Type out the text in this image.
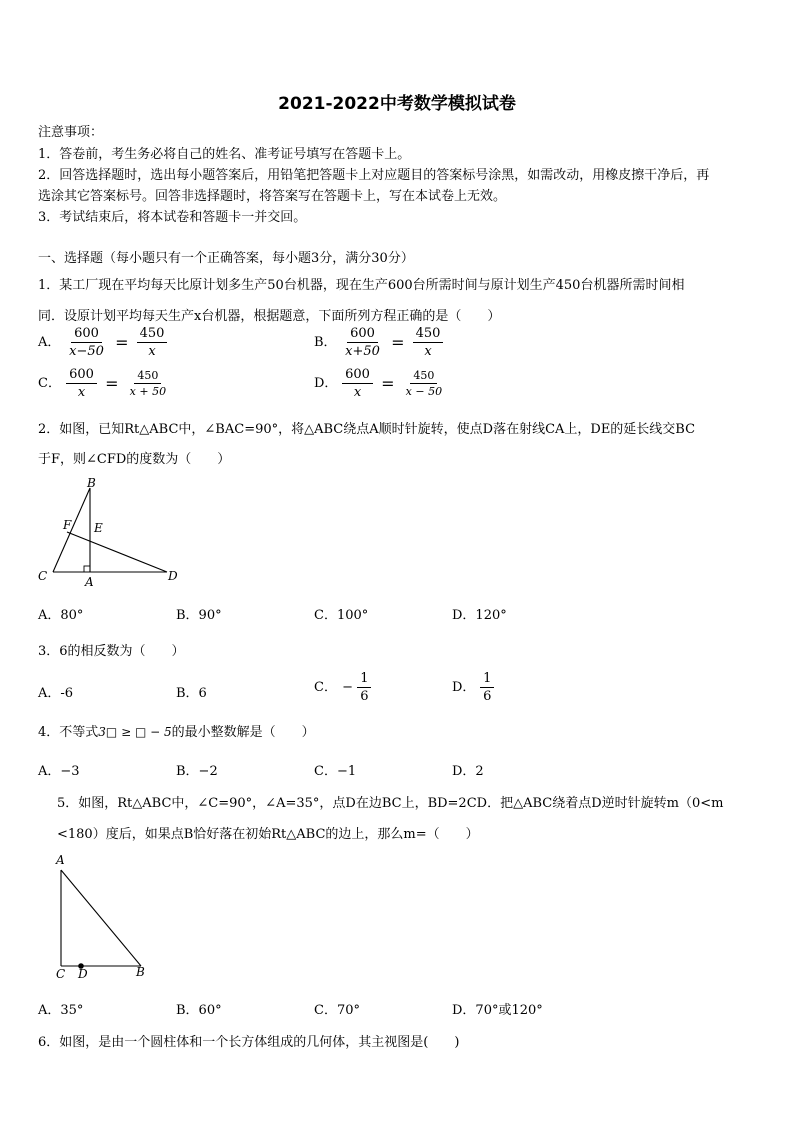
2021-2022中考数学模拟试卷
注意事项：
1．答卷前，考生务必将自己的姓名、准考证号填写在答题卡上。
2．回答选择题时，选出每小题答案后，用铅笔把答题卡上对应题目的答案标号涂黑，如需改动，用橡皮擦干净后，再
选涂其它答案标号。回答非选择题时，将答案写在答题卡上，写在本试卷上无效。
3．考试结束后，将本试卷和答题卡一并交回。
一、选择题（每小题只有一个正确答案，每小题3分，满分30分）
1．某工厂现在平均每天比原计划多生产50台机器，现在生产600台所需时间与原计划生产450台机器所需时间相
同．设原计划平均每天生产x台机器，根据题意，下面所列方程正确的是（　　）
A． $\frac{600}{x-50} = \frac{450}{x}$	B． $\frac{600}{x+50} = \frac{450}{x}$
C． $\frac{600}{x} = \frac{450}{x + 50}$	D． $\frac{600}{x} = \frac{450}{x - 50}$
2．如图，已知Rt△ABC中，∠BAC=90°，将△ABC绕点A顺时针旋转，使点D落在射线CA上，DE的延长线交BC
于F，则∠CFD的度数为（　　）
B
F E
C	A	D
A．80°	B．90°	C．100°	D．120°
3．6的相反数为（　　）
A．-6	B．6	C． − $\frac{1}{6}$	D． $\frac{1}{6}$
4．不等式3□ ≥ □ − 5的最小整数解是（　　）
A．−3	B．−2	C．−1	D．2
5．如图，Rt△ABC中，∠C=90°，∠A=35°，点D在边BC上，BD=2CD．把△ABC绕着点D逆时针旋转m（0<m
<180）度后，如果点B恰好落在初始Rt△ABC的边上，那么m=（　　）
A
C D	B
A．35°	B．60°	C．70°	D．70°或120°
6．如图，是由一个圆柱体和一个长方体组成的几何体，其主视图是(　　)
